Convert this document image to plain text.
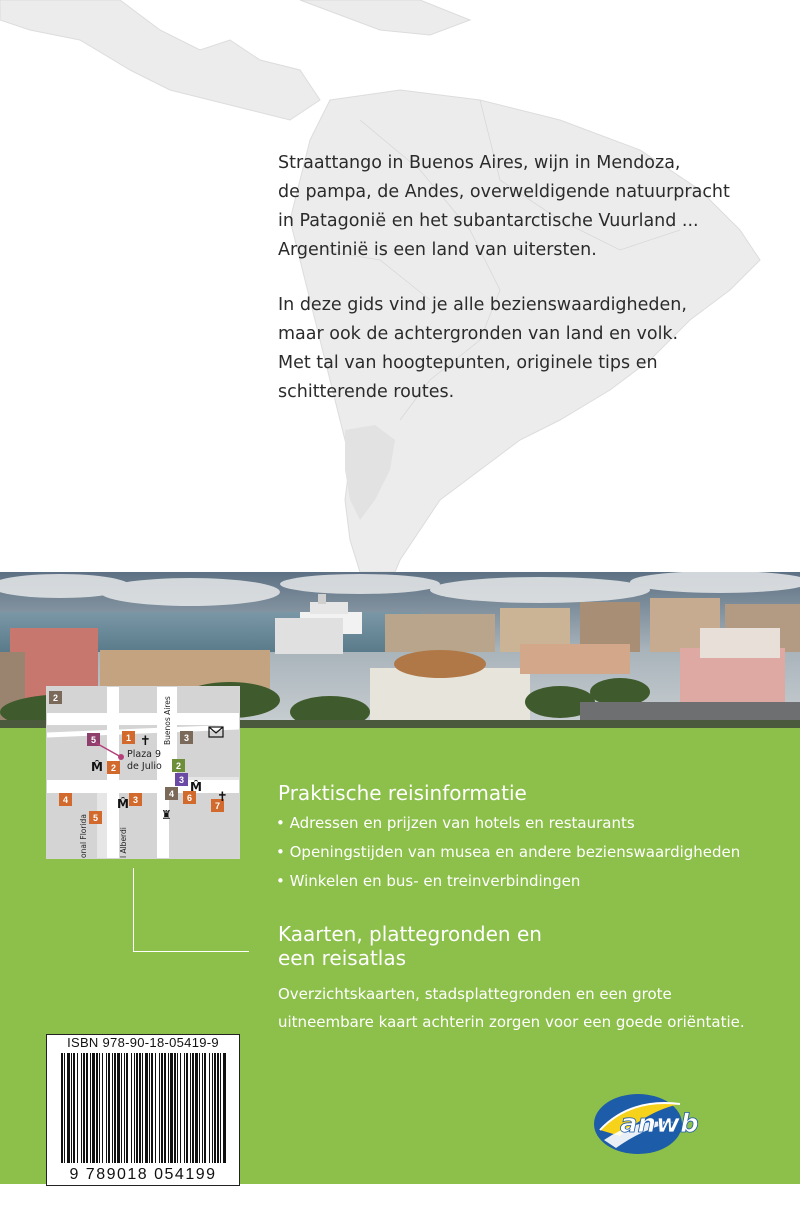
Straattango in Buenos Aires, wijn in Mendoza,
de pampa, de Andes, overweldigende natuurpracht
in Patagonië en het subantarctische Vuurland ...
Argentinië is een land van uitersten.

In deze gids vind je alle bezienswaardigheden,
maar ook de achtergronden van land en volk.
Met tal van hoogtepunten, originele tips en
schitterende routes.

2
5	1	3
2	2
3
4	3
4 6
5
7
M̂
M̂
M̂
✝
✝
♜
Plaza 9
de Julio
Buenos Aires
onal Florida	l Alberdi
Praktische reisinformatie

• Adressen en prijzen van hotels en restaurants

• Openingstijden van musea en andere bezienswaardigheden

• Winkelen en bus- en treinverbindingen

Kaarten, plattegronden en
een reisatlas

Overzichtskaarten, stadsplattegronden en een grote
uitneembare kaart achterin zorgen voor een goede oriëntatie.

ISBN 978-90-18-05419-9
9 789018 054199
anwb
